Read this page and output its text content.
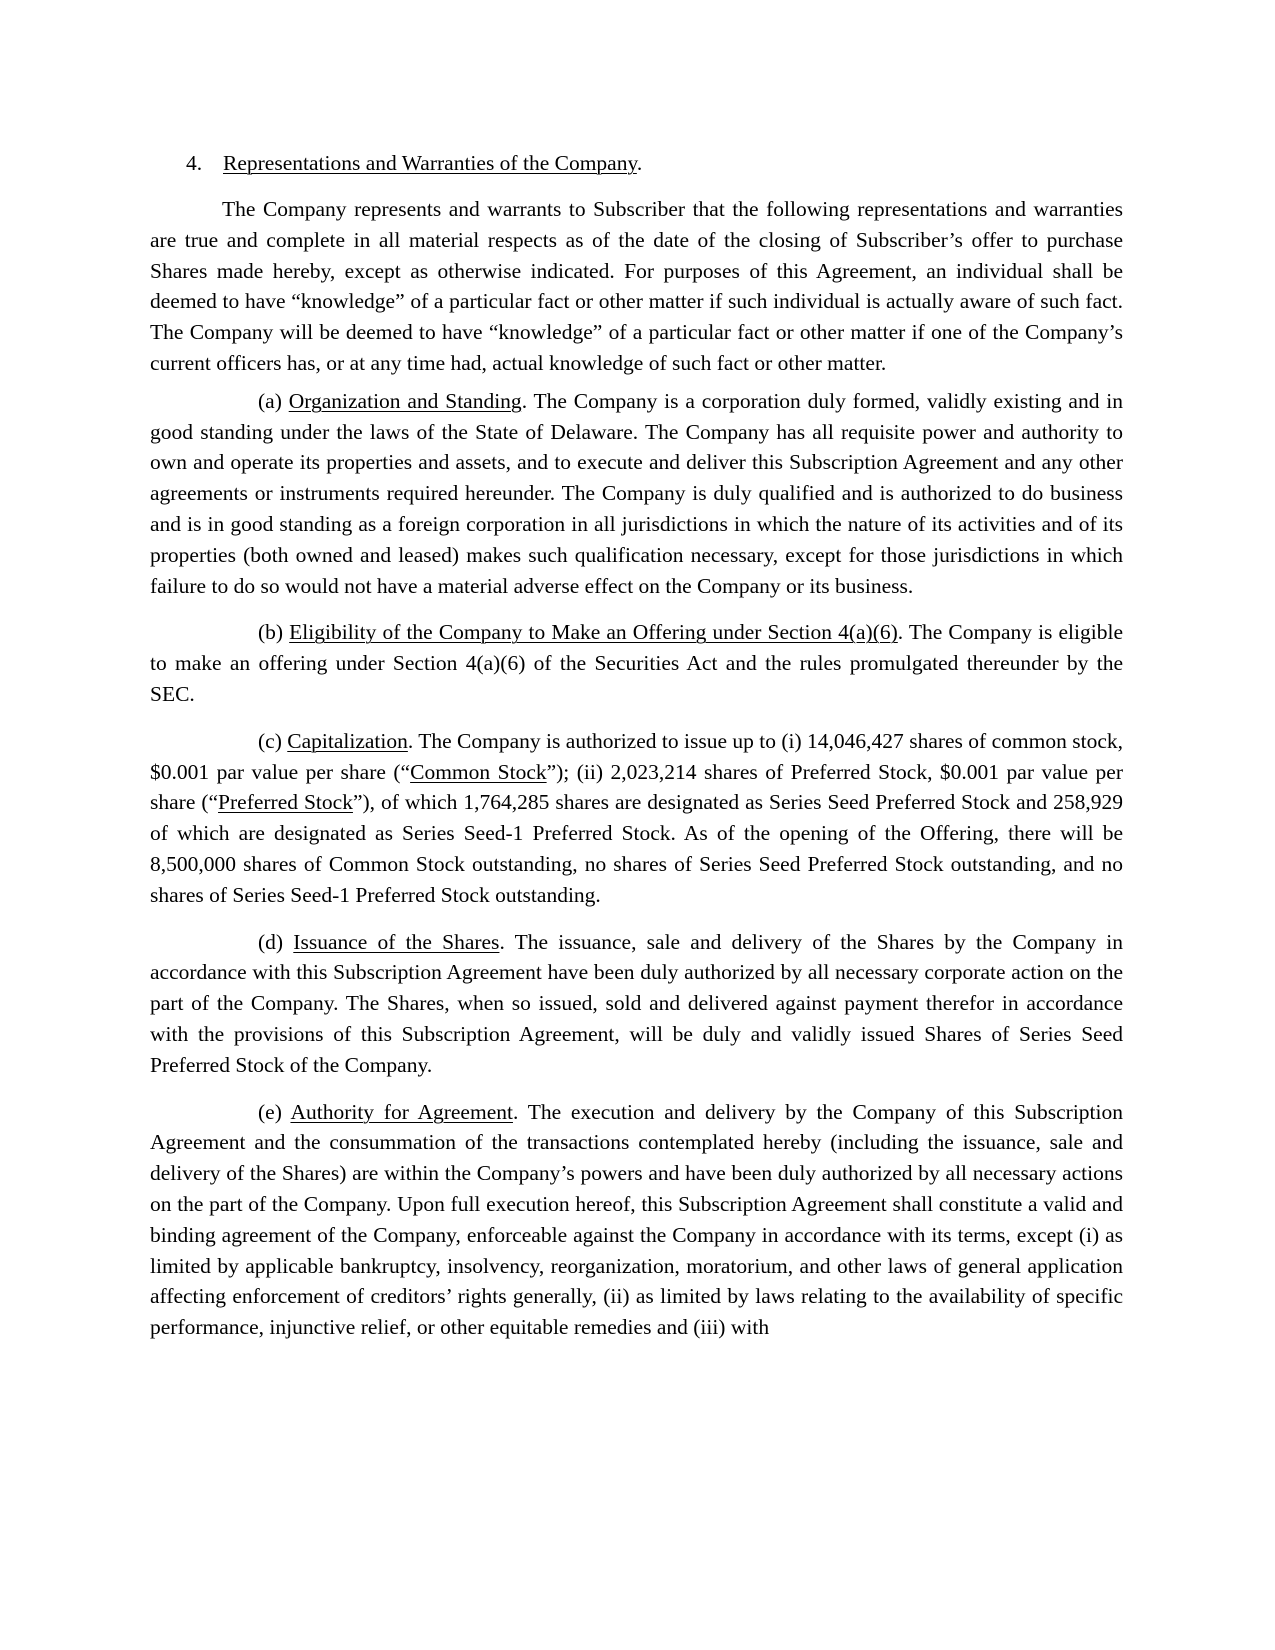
4. Representations and Warranties of the Company.

The Company represents and warrants to Subscriber that the following representations and warranties are true and complete in all material respects as of the date of the closing of Subscriber’s offer to purchase Shares made hereby, except as otherwise indicated. For purposes of this Agreement, an individual shall be deemed to have “knowledge” of a particular fact or other matter if such individual is actually aware of such fact. The Company will be deemed to have “knowledge” of a particular fact or other matter if one of the Company’s current officers has, or at any time had, actual knowledge of such fact or other matter.

(a) Organization and Standing. The Company is a corporation duly formed, validly existing and in good standing under the laws of the State of Delaware. The Company has all requisite power and authority to own and operate its properties and assets, and to execute and deliver this Subscription Agreement and any other agreements or instruments required hereunder. The Company is duly qualified and is authorized to do business and is in good standing as a foreign corporation in all jurisdictions in which the nature of its activities and of its properties (both owned and leased) makes such qualification necessary, except for those jurisdictions in which failure to do so would not have a material adverse effect on the Company or its business.

(b) Eligibility of the Company to Make an Offering under Section 4(a)(6). The Company is eligible to make an offering under Section 4(a)(6) of the Securities Act and the rules promulgated thereunder by the SEC.

(c) Capitalization. The Company is authorized to issue up to (i) 14,046,427 shares of common stock, $0.001 par value per share (“Common Stock”); (ii) 2,023,214 shares of Preferred Stock, $0.001 par value per share (“Preferred Stock”), of which 1,764,285 shares are designated as Series Seed Preferred Stock and 258,929 of which are designated as Series Seed-1 Preferred Stock. As of the opening of the Offering, there will be 8,500,000 shares of Common Stock outstanding, no shares of Series Seed Preferred Stock outstanding, and no shares of Series Seed-1 Preferred Stock outstanding.

(d) Issuance of the Shares. The issuance, sale and delivery of the Shares by the Company in accordance with this Subscription Agreement have been duly authorized by all necessary corporate action on the part of the Company. The Shares, when so issued, sold and delivered against payment therefor in accordance with the provisions of this Subscription Agreement, will be duly and validly issued Shares of Series Seed Preferred Stock of the Company.

(e) Authority for Agreement. The execution and delivery by the Company of this Subscription Agreement and the consummation of the transactions contemplated hereby (including the issuance, sale and delivery of the Shares) are within the Company’s powers and have been duly authorized by all necessary actions on the part of the Company. Upon full execution hereof, this Subscription Agreement shall constitute a valid and binding agreement of the Company, enforceable against the Company in accordance with its terms, except (i) as limited by applicable bankruptcy, insolvency, reorganization, moratorium, and other laws of general application affecting enforcement of creditors’ rights generally, (ii) as limited by laws relating to the availability of specific performance, injunctive relief, or other equitable remedies and (iii) with
